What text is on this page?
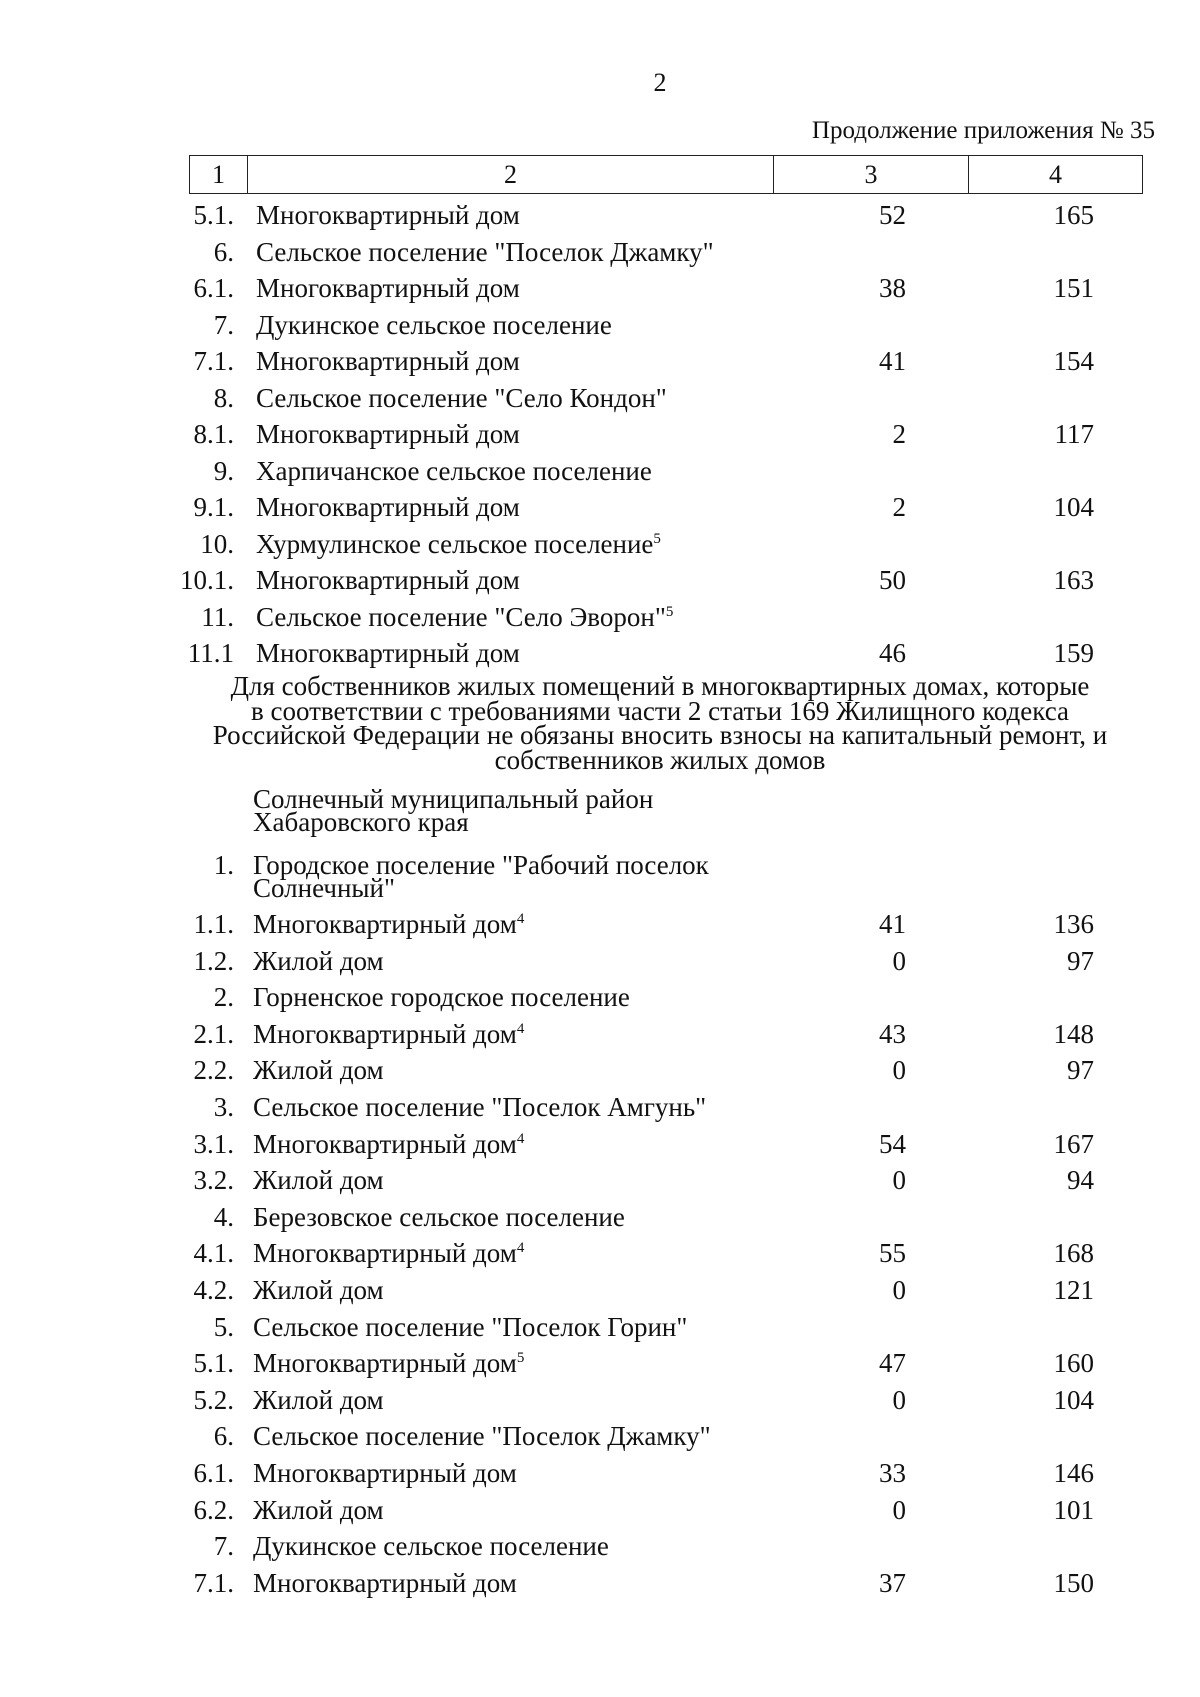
2
Продолжение приложения № 35
1	2	3	4
5.1. Многоквартирный дом	52	165
6. Сельское поселение "Поселок Джамку"
6.1. Многоквартирный дом	38	151
7. Дукинское сельское поселение
7.1. Многоквартирный дом	41	154
8. Сельское поселение "Село Кондон"
8.1. Многоквартирный дом	2	117
9. Харпичанское сельское поселение
9.1. Многоквартирный дом	2	104
10. Хурмулинское сельское поселение$^5$
10.1. Многоквартирный дом	50	163
11. Сельское поселение "Село Эворон"$^5$
11.1 Многоквартирный дом	46	159
Для собственников жилых помещений в многоквартирных домах, которые
в соответствии с требованиями части 2 статьи 169 Жилищного кодекса
Российской Федерации не обязаны вносить взносы на капитальный ремонт, и
собственников жилых домов
Солнечный муниципальный район
Хабаровского края
1. Городское поселение "Рабочий поселок
Солнечный"
1.1. Многоквартирный дом$^4$	41	136
1.2. Жилой дом	0	97
2. Горненское городское поселение
2.1. Многоквартирный дом$^4$	43	148
2.2. Жилой дом	0	97
3. Сельское поселение "Поселок Амгунь"
3.1. Многоквартирный дом$^4$	54	167
3.2. Жилой дом	0	94
4. Березовское сельское поселение
4.1. Многоквартирный дом$^4$	55	168
4.2. Жилой дом	0	121
5. Сельское поселение "Поселок Горин"
5.1. Многоквартирный дом$^5$	47	160
5.2. Жилой дом	0	104
6. Сельское поселение "Поселок Джамку"
6.1. Многоквартирный дом	33	146
6.2. Жилой дом	0	101
7. Дукинское сельское поселение
7.1. Многоквартирный дом	37	150
